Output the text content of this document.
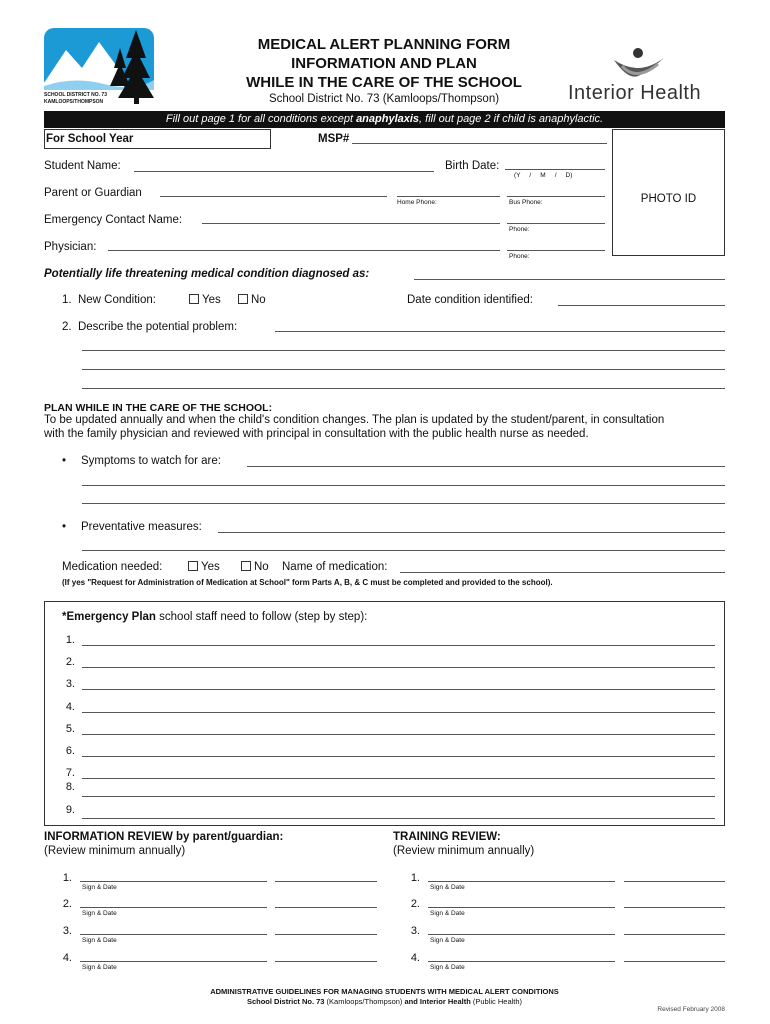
SCHOOL DISTRICT NO. 73
KAMLOOPS/THOMPSON
MEDICAL ALERT PLANNING FORM
INFORMATION AND PLAN
WHILE IN THE CARE OF THE SCHOOL
School District No. 73 (Kamloops/Thompson)	Interior Health
Fill out page 1 for all conditions except anaphylaxis, fill out page 2 if child is anaphylactic.
For School Year	MSP#
PHOTO ID
Student Name:	Birth Date:
(Y     /     M     /     D)
Parent or Guardian
Home Phone:	Bus Phone:
Emergency Contact Name:
Phone:
Physician:
Phone:
Potentially life threatening medical condition diagnosed as:
1.  New Condition:	Yes	No	Date condition identified:
2.  Describe the potential problem:
PLAN WHILE IN THE CARE OF THE SCHOOL:
To be updated annually and when the child's condition changes. The plan is updated by the student/parent, in consultation
with the family physician and reviewed with principal in consultation with the public health nurse as needed.
• Symptoms to watch for are:
• Preventative measures:
Medication needed:	Yes	No Name of medication:
(If yes "Request for Administration of Medication at School" form Parts A, B, & C must be completed and provided to the school).
*Emergency Plan school staff need to follow (step by step):
1.
2.
3.
4.
5.
6.
7.
8.
9.
INFORMATION REVIEW by parent/guardian:
(Review minimum annually)
TRAINING REVIEW:
(Review minimum annually)
1.
Sign & Date
2.
Sign & Date
3.
Sign & Date
4.
Sign & Date
1.
Sign & Date
2.
Sign & Date
3.
Sign & Date
4.
Sign & Date
ADMINISTRATIVE GUIDELINES FOR MANAGING STUDENTS WITH MEDICAL ALERT CONDITIONS
School District No. 73 (Kamloops/Thompson) and Interior Health (Public Health)
Revised February 2008
